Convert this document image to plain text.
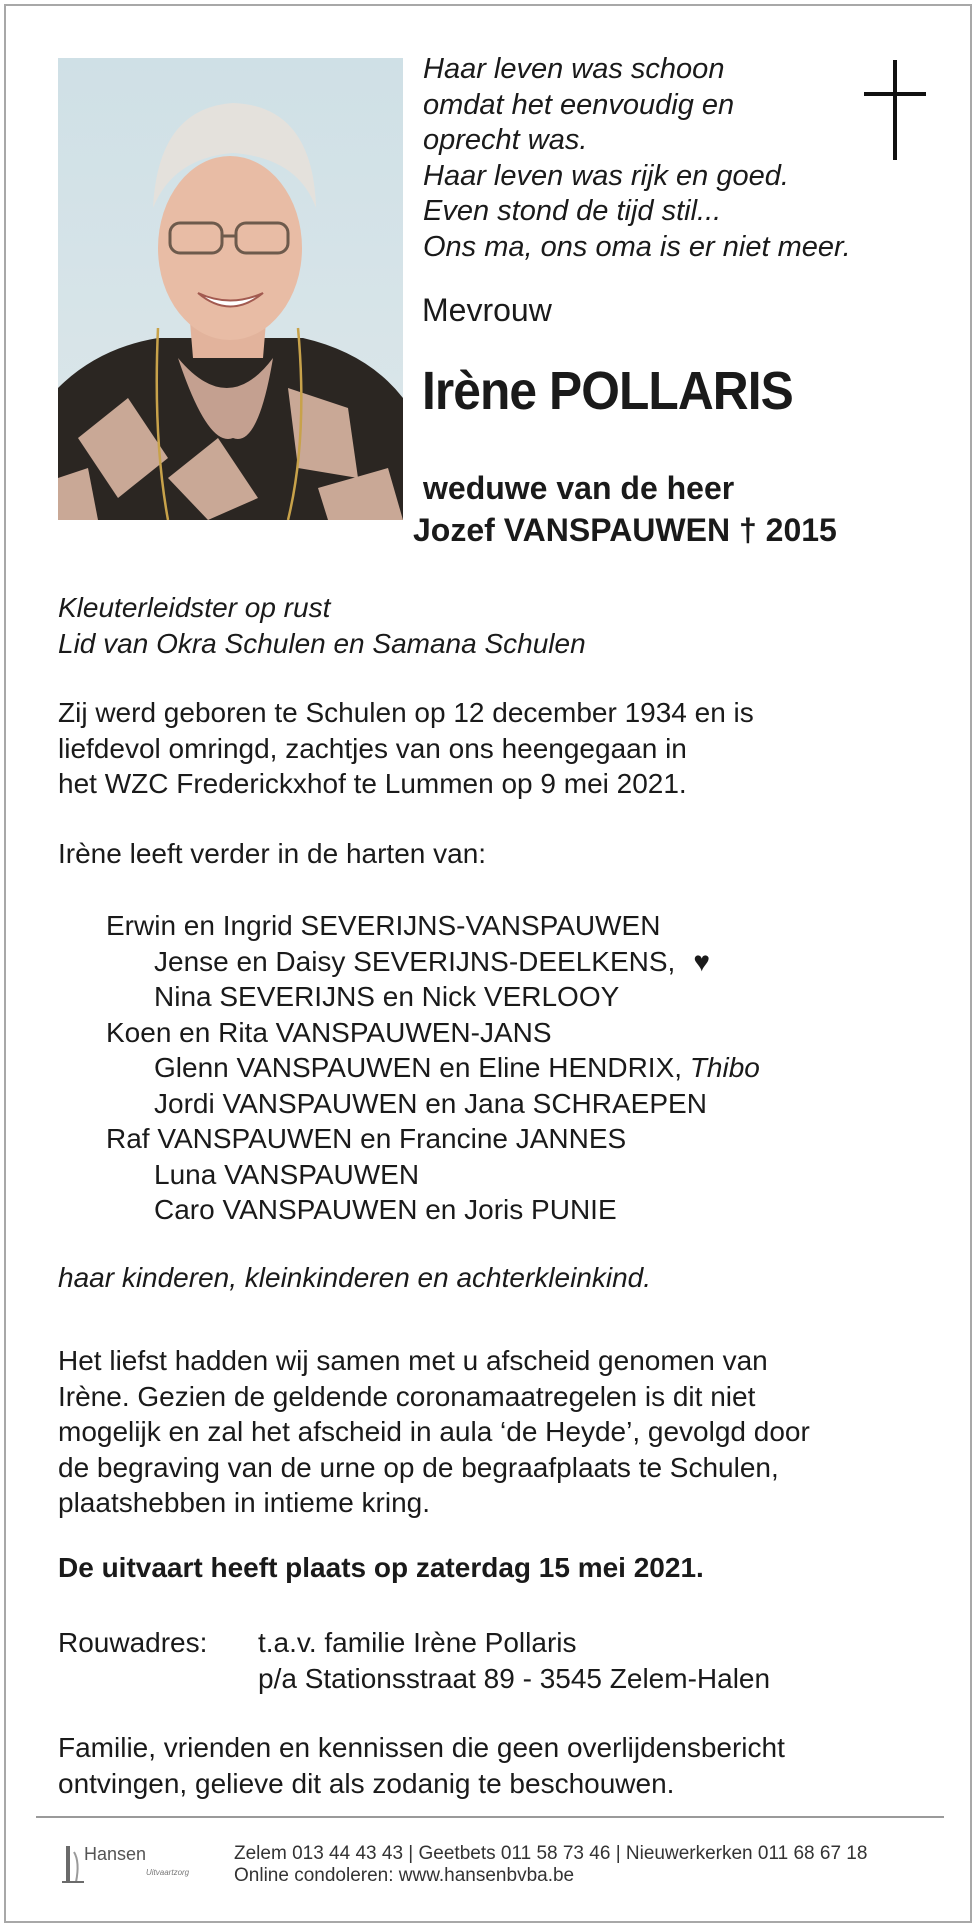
Haar leven was schoon
omdat het eenvoudig en
oprecht was.
Haar leven was rijk en goed.
Even stond de tijd stil...
Ons ma, ons oma is er niet meer.
Mevrouw
Irène POLLARIS
weduwe van de heer
Jozef VANSPAUWEN † 2015
Kleuterleidster op rust
Lid van Okra Schulen en Samana Schulen
Zij werd geboren te Schulen op 12 december 1934 en is
liefdevol omringd, zachtjes van ons heengegaan in
het WZC Frederickxhof te Lummen op 9 mei 2021.
Irène leeft verder in de harten van:
Erwin en Ingrid SEVERIJNS-VANSPAUWEN
Jense en Daisy SEVERIJNS-DEELKENS, ♥
Nina SEVERIJNS en Nick VERLOOY
Koen en Rita VANSPAUWEN-JANS
Glenn VANSPAUWEN en Eline HENDRIX, Thibo
Jordi VANSPAUWEN en Jana SCHRAEPEN
Raf VANSPAUWEN en Francine JANNES
Luna VANSPAUWEN
Caro VANSPAUWEN en Joris PUNIE
haar kinderen, kleinkinderen en achterkleinkind.
Het liefst hadden wij samen met u afscheid genomen van
Irène. Gezien de geldende coronamaatregelen is dit niet
mogelijk en zal het afscheid in aula ‘de Heyde’, gevolgd door
de begraving van de urne op de begraafplaats te Schulen,
plaatshebben in intieme kring.
De uitvaart heeft plaats op zaterdag 15 mei 2021.
Rouwadres: t.a.v. familie Irène Pollaris
p/a Stationsstraat 89 - 3545 Zelem-Halen
Familie, vrienden en kennissen die geen overlijdensbericht
ontvingen, gelieve dit als zodanig te beschouwen.
Hansen
Uitvaartzorg
Zelem 013 44 43 43 | Geetbets 011 58 73 46 | Nieuwerkerken 011 68 67 18
Online condoleren: www.hansenbvba.be
